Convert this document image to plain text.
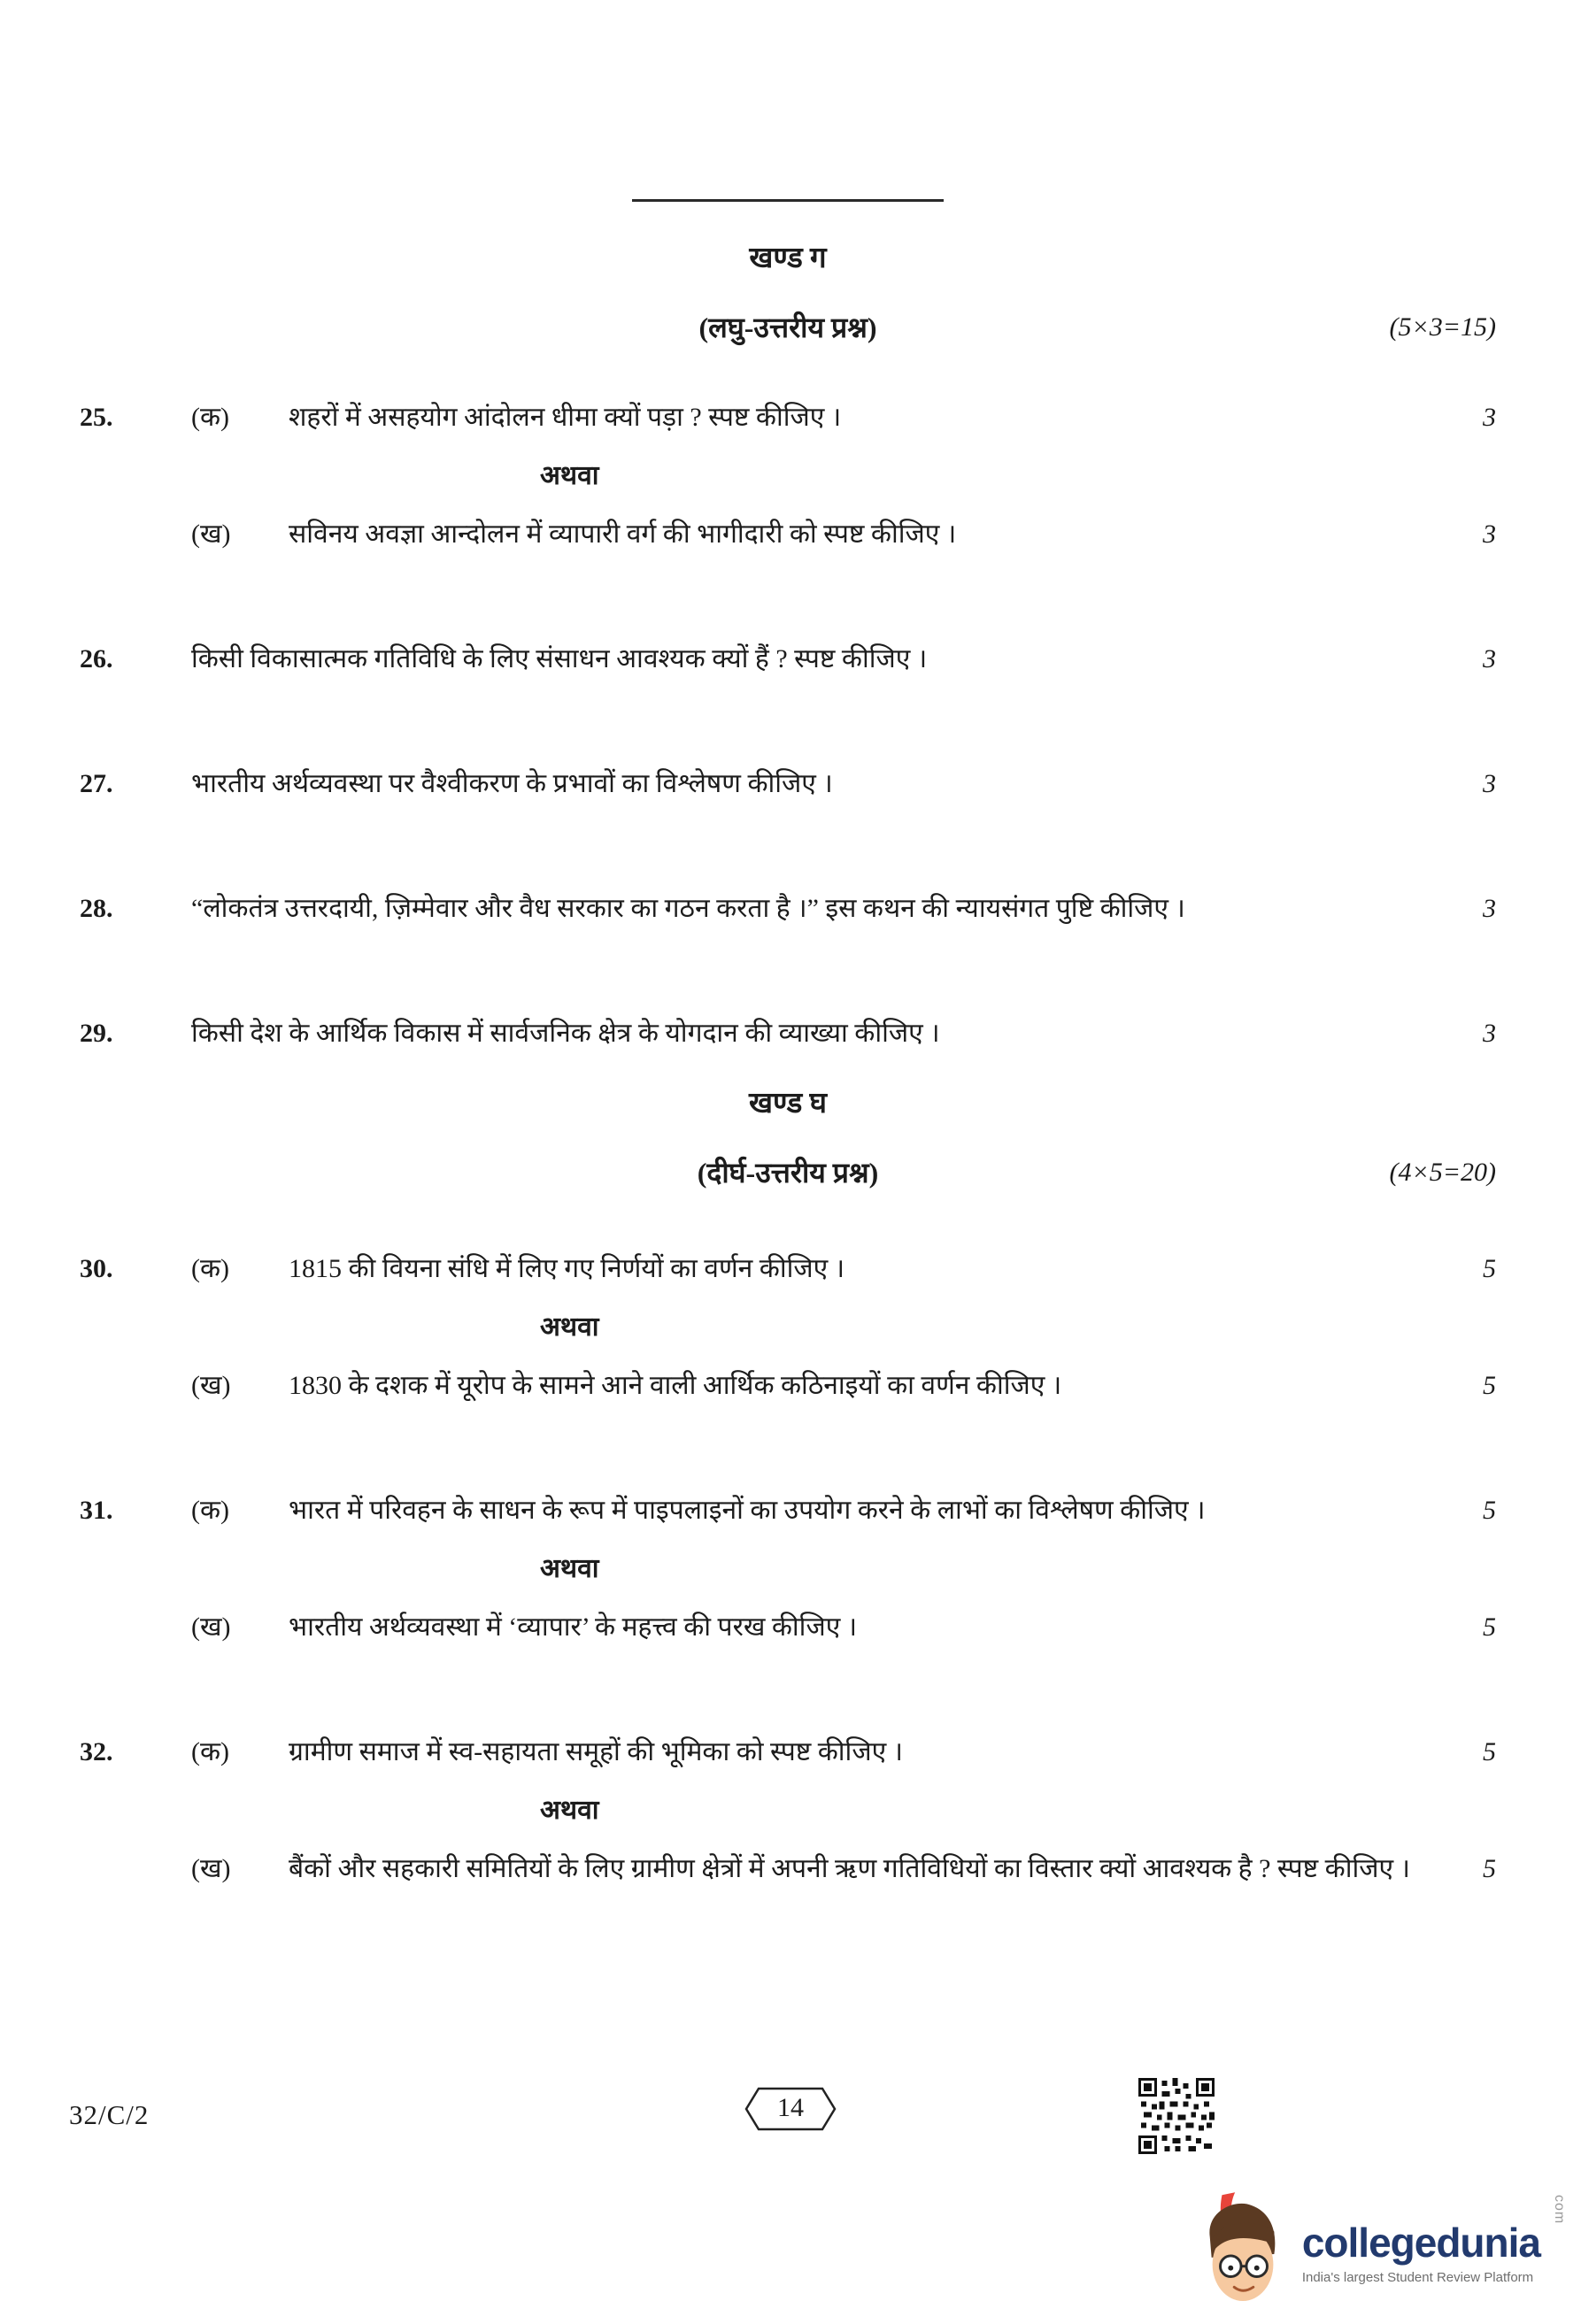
खण्ड ग
(लघु-उत्तरीय प्रश्न)	(5×3=15)
25.	(क)	शहरों में असहयोग आंदोलन धीमा क्यों पड़ा ? स्पष्ट कीजिए ।	3
अथवा
(ख)	सविनय अवज्ञा आन्दोलन में व्यापारी वर्ग की भागीदारी को स्पष्ट कीजिए ।	3
26.	किसी विकासात्मक गतिविधि के लिए संसाधन आवश्यक क्यों हैं ? स्पष्ट कीजिए ।	3
27.	भारतीय अर्थव्यवस्था पर वैश्वीकरण के प्रभावों का विश्लेषण कीजिए ।	3
28.	“लोकतंत्र उत्तरदायी, ज़िम्मेवार और वैध सरकार का गठन करता है ।” इस कथन की न्यायसंगत पुष्टि कीजिए ।	3
29.	किसी देश के आर्थिक विकास में सार्वजनिक क्षेत्र के योगदान की व्याख्या कीजिए ।	3
खण्ड घ
(दीर्घ-उत्तरीय प्रश्न)	(4×5=20)
30.	(क)	1815 की वियना संधि में लिए गए निर्णयों का वर्णन कीजिए ।	5
अथवा
(ख)	1830 के दशक में यूरोप के सामने आने वाली आर्थिक कठिनाइयों का वर्णन कीजिए ।	5
31.	(क)	भारत में परिवहन के साधन के रूप में पाइपलाइनों का उपयोग करने के लाभों का विश्लेषण कीजिए ।	5
अथवा
(ख)	भारतीय अर्थव्यवस्था में ‘व्यापार’ के महत्त्व की परख कीजिए ।	5
32.	(क)	ग्रामीण समाज में स्व-सहायता समूहों की भूमिका को स्पष्ट कीजिए ।	5
अथवा
(ख)	बैंकों और सहकारी समितियों के लिए ग्रामीण क्षेत्रों में अपनी ऋण गतिविधियों का विस्तार क्यों आवश्यक है ? स्पष्ट कीजिए ।	5
32/C/2	14
collegedunia
India's largest Student Review Platform
com
